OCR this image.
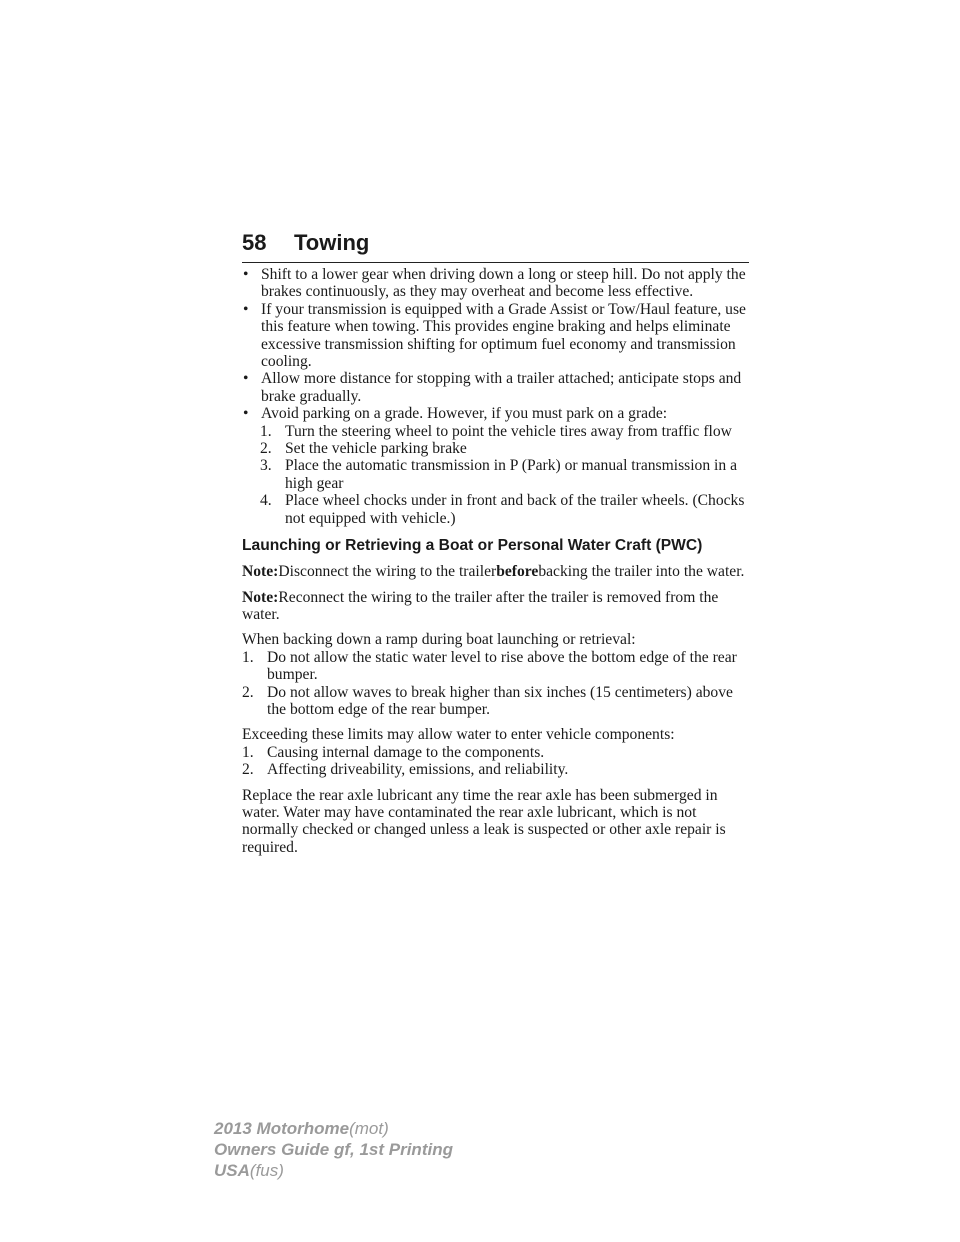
58 Towing
• Shift to a lower gear when driving down a long or steep hill. Do not apply the brakes continuously, as they may overheat and become less effective.
• If your transmission is equipped with a Grade Assist or Tow/Haul feature, use this feature when towing. This provides engine braking and helps eliminate excessive transmission shifting for optimum fuel economy and transmission cooling.
• Allow more distance for stopping with a trailer attached; anticipate stops and brake gradually.
• Avoid parking on a grade. However, if you must park on a grade:
1. Turn the steering wheel to point the vehicle tires away from traffic flow
2. Set the vehicle parking brake
3. Place the automatic transmission in P (Park) or manual transmission in a high gear
4. Place wheel chocks under in front and back of the trailer wheels. (Chocks not equipped with vehicle.)
Launching or Retrieving a Boat or Personal Water Craft (PWC)

Note:Disconnect the wiring to the trailerbeforebacking the trailer into the water.

Note:Reconnect the wiring to the trailer after the trailer is removed from the water.

When backing down a ramp during boat launching or retrieval:
1. Do not allow the static water level to rise above the bottom edge of the rear bumper.
2. Do not allow waves to break higher than six inches (15 centimeters) above the bottom edge of the rear bumper.
Exceeding these limits may allow water to enter vehicle components:
1. Causing internal damage to the components.
2. Affecting driveability, emissions, and reliability.

Replace the rear axle lubricant any time the rear axle has been submerged in water. Water may have contaminated the rear axle lubricant, which is not normally checked or changed unless a leak is suspected or other axle repair is required.

2013 Motorhome(mot)
Owners Guide gf, 1st Printing
USA(fus)
